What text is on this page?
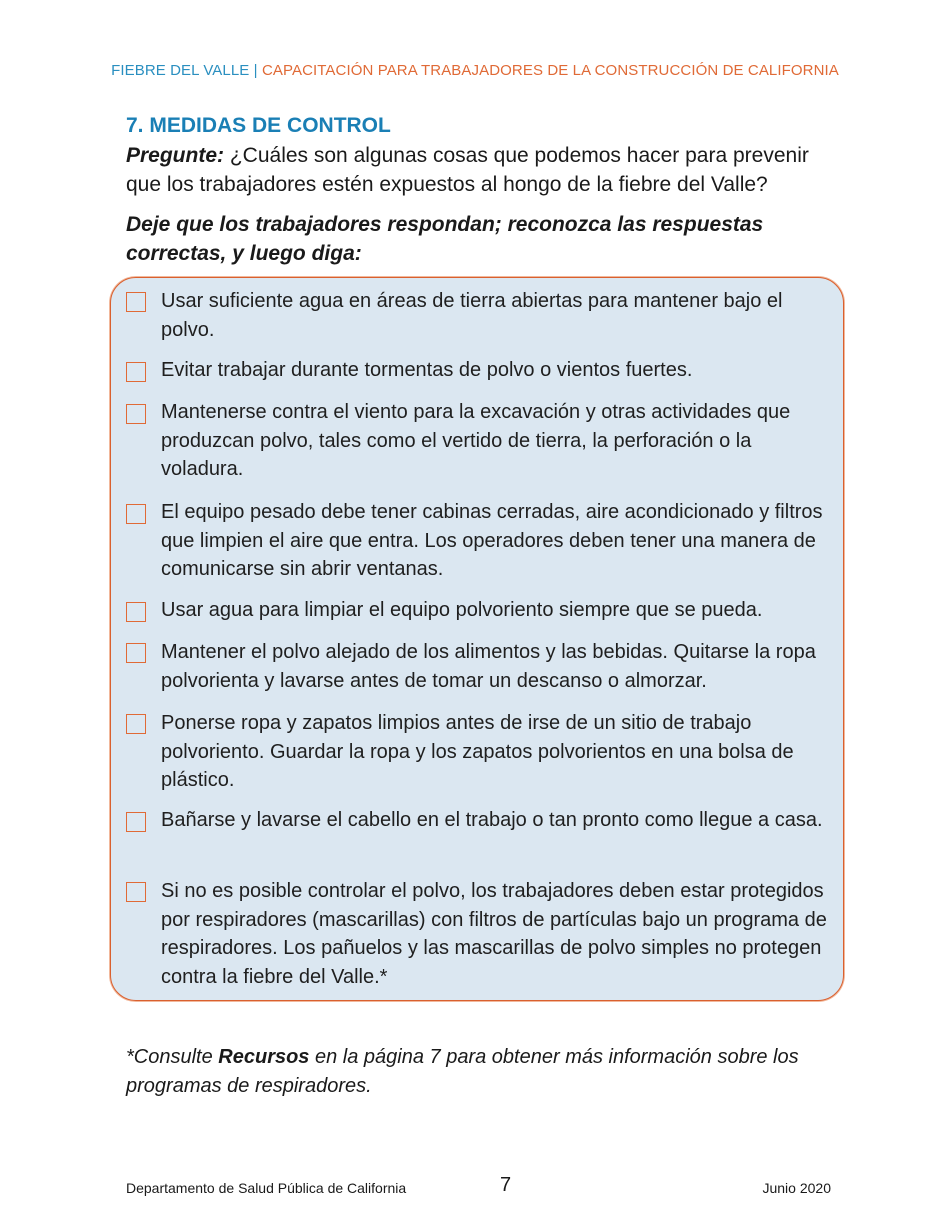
FIEBRE DEL VALLE | CAPACITACIÓN PARA TRABAJADORES DE LA CONSTRUCCIÓN DE CALIFORNIA
7. MEDIDAS DE CONTROL
Pregunte: ¿Cuáles son algunas cosas que podemos hacer para prevenir que los trabajadores estén expuestos al hongo de la fiebre del Valle?
Deje que los trabajadores respondan; reconozca las respuestas correctas, y luego diga:
Usar suficiente agua en áreas de tierra abiertas para mantener bajo el polvo.
Evitar trabajar durante tormentas de polvo o vientos fuertes.
Mantenerse contra el viento para la excavación y otras actividades que produzcan polvo, tales como el vertido de tierra, la perforación o la voladura.
El equipo pesado debe tener cabinas cerradas, aire acondicionado y filtros que limpien el aire que entra. Los operadores deben tener una manera de comunicarse sin abrir ventanas.
Usar agua para limpiar el equipo polvoriento siempre que se pueda.
Mantener el polvo alejado de los alimentos y las bebidas. Quitarse la ropa polvorienta y lavarse antes de tomar un descanso o almorzar.
Ponerse ropa y zapatos limpios antes de irse de un sitio de trabajo polvoriento. Guardar la ropa y los zapatos polvorientos en una bolsa de plástico.
Bañarse y lavarse el cabello en el trabajo o tan pronto como llegue a casa.
Si no es posible controlar el polvo, los trabajadores deben estar protegidos por respiradores (mascarillas) con filtros de partículas bajo un programa de respiradores. Los pañuelos y las mascarillas de polvo simples no protegen contra la fiebre del Valle.*
*Consulte Recursos en la página 7 para obtener más información sobre los programas de respiradores.
Departamento de Salud Pública de California	7	Junio 2020
